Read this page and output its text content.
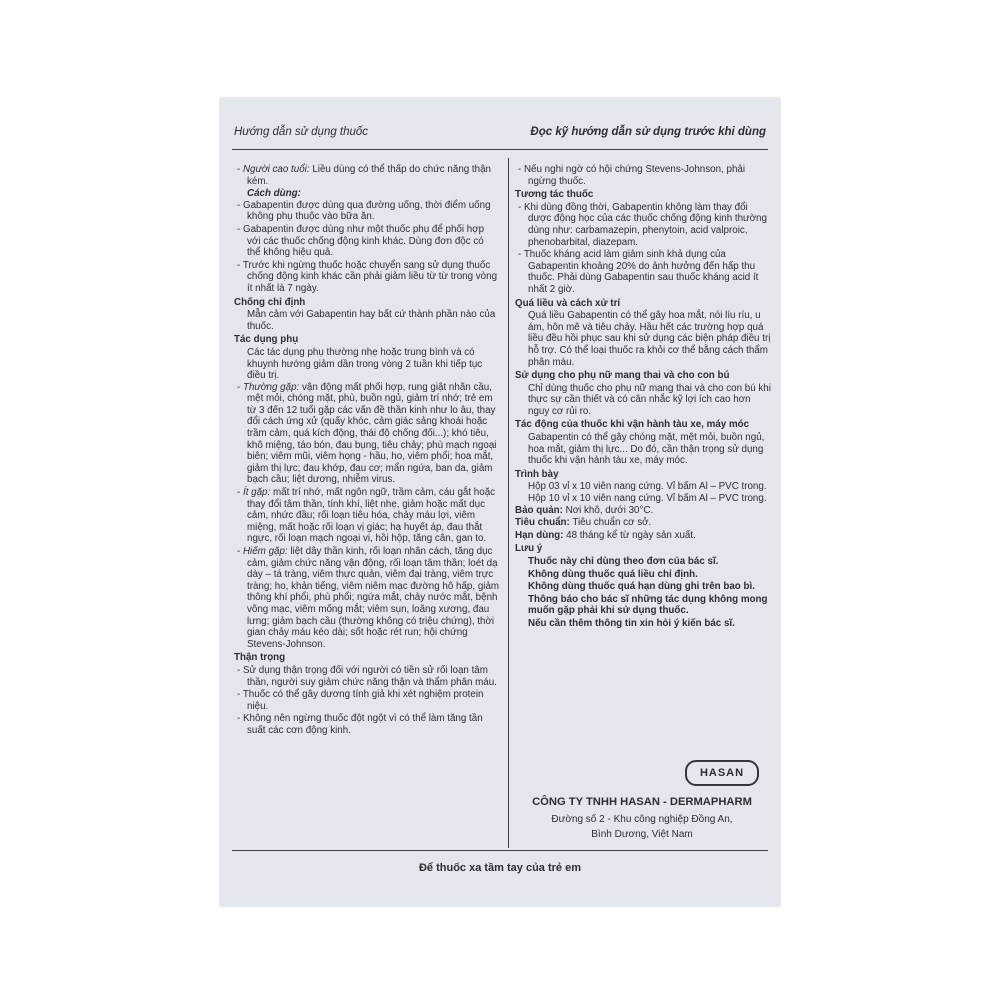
Hướng dẫn sử dụng thuốc	Đọc kỹ hướng dẫn sử dụng trước khi dùng
- Người cao tuổi: Liều dùng có thể thấp do chức năng thận kém.
Cách dùng:
- Gabapentin được dùng qua đường uống, thời điểm uống không phụ thuộc vào bữa ăn.
- Gabapentin được dùng như một thuốc phụ để phối hợp với các thuốc chống động kinh khác. Dùng đơn độc có thể không hiệu quả.
- Trước khi ngừng thuốc hoặc chuyển sang sử dụng thuốc chống động kinh khác cần phải giảm liều từ từ trong vòng ít nhất là 7 ngày.
Chống chỉ định
Mẫn cảm với Gabapentin hay bất cứ thành phần nào của thuốc.
Tác dụng phụ
Các tác dụng phụ thường nhẹ hoặc trung bình và có khuynh hướng giảm dần trong vòng 2 tuần khi tiếp tục điều trị.
- Thường gặp: vận động mất phối hợp, rung giật nhãn cầu, mệt mỏi, chóng mặt, phù, buồn ngủ, giảm trí nhớ; trẻ em từ 3 đến 12 tuổi gặp các vấn đề thần kinh như lo âu, thay đổi cách ứng xử (quấy khóc, cảm giác sảng khoái hoặc trầm cảm, quá kích động, thái độ chống đối...); khó tiêu, khô miệng, táo bón, đau bụng, tiêu chảy; phù mạch ngoại biên; viêm mũi, viêm họng - hầu, ho, viêm phổi; hoa mắt, giảm thị lực; đau khớp, đau cơ; mẩn ngứa, ban da, giảm bạch cầu; liệt dương, nhiễm virus.
- Ít gặp: mất trí nhớ, mất ngôn ngữ, trầm cảm, cáu gắt hoặc thay đổi tâm thần, tính khí, liệt nhẹ, giảm hoặc mất dục cảm, nhức đầu; rối loạn tiêu hóa, chảy máu lợi, viêm miệng, mất hoặc rối loạn vị giác; hạ huyết áp, đau thắt ngực, rối loạn mạch ngoại vi, hồi hộp, tăng cân, gan to.
- Hiếm gặp: liệt dây thần kinh, rối loạn nhân cách, tăng dục cảm, giảm chức năng vận động, rối loạn tâm thần; loét dạ dày – tá tràng, viêm thực quản, viêm đại tràng, viêm trực tràng; ho, khản tiếng, viêm niêm mạc đường hô hấp, giảm thông khí phổi, phù phổi; ngứa mắt, chảy nước mắt, bệnh võng mạc, viêm mống mắt; viêm sụn, loãng xương, đau lưng; giảm bạch cầu (thường không có triệu chứng), thời gian chảy máu kéo dài; sốt hoặc rét run; hội chứng Stevens-Johnson.
Thận trọng
- Sử dụng thận trọng đối với người có tiền sử rối loạn tâm thần, người suy giảm chức năng thận và thẩm phân máu.
- Thuốc có thể gây dương tính giả khi xét nghiệm protein niệu.
- Không nên ngừng thuốc đột ngột vì có thể làm tăng tần suất các cơn động kinh.
- Nếu nghi ngờ có hội chứng Stevens-Johnson, phải ngừng thuốc.
Tương tác thuốc
- Khi dùng đồng thời, Gabapentin không làm thay đổi dược động học của các thuốc chống động kinh thường dùng như: carbamazepin, phenytoin, acid valproic, phenobarbital, diazepam.
- Thuốc kháng acid làm giảm sinh khả dụng của Gabapentin khoảng 20% do ảnh hưởng đến hấp thu thuốc. Phải dùng Gabapentin sau thuốc kháng acid ít nhất 2 giờ.
Quá liều và cách xử trí
Quá liều Gabapentin có thể gây hoa mắt, nói líu ríu, u ám, hôn mê và tiêu chảy. Hầu hết các trường hợp quá liều đều hồi phục sau khi sử dụng các biện pháp điều trị hỗ trợ. Có thể loại thuốc ra khỏi cơ thể bằng cách thẩm phân máu.
Sử dụng cho phụ nữ mang thai và cho con bú
Chỉ dùng thuốc cho phụ nữ mang thai và cho con bú khi thực sự cần thiết và có cân nhắc kỹ lợi ích cao hơn nguy cơ rủi ro.
Tác động của thuốc khi vận hành tàu xe, máy móc
Gabapentin có thể gây chóng mặt, mệt mỏi, buồn ngủ, hoa mắt, giảm thị lực... Do đó, cần thận trọng sử dụng thuốc khi vận hành tàu xe, máy móc.
Trình bày
Hộp 03 vỉ x 10 viên nang cứng. Vỉ bấm Al – PVC trong.
Hộp 10 vỉ x 10 viên nang cứng. Vỉ bấm Al – PVC trong.
Bảo quản: Nơi khô, dưới 30°C.
Tiêu chuẩn: Tiêu chuẩn cơ sở.
Hạn dùng: 48 tháng kể từ ngày sản xuất.
Lưu ý
Thuốc này chỉ dùng theo đơn của bác sĩ.
Không dùng thuốc quá liều chỉ định.
Không dùng thuốc quá hạn dùng ghi trên bao bì.
Thông báo cho bác sĩ những tác dụng không mong muốn gặp phải khi sử dụng thuốc.
Nếu cần thêm thông tin xin hỏi ý kiến bác sĩ.
HASAN
CÔNG TY TNHH HASAN - DERMAPHARM
Đường số 2 - Khu công nghiệp Đồng An,
Bình Dương, Việt Nam
Để thuốc xa tầm tay của trẻ em
